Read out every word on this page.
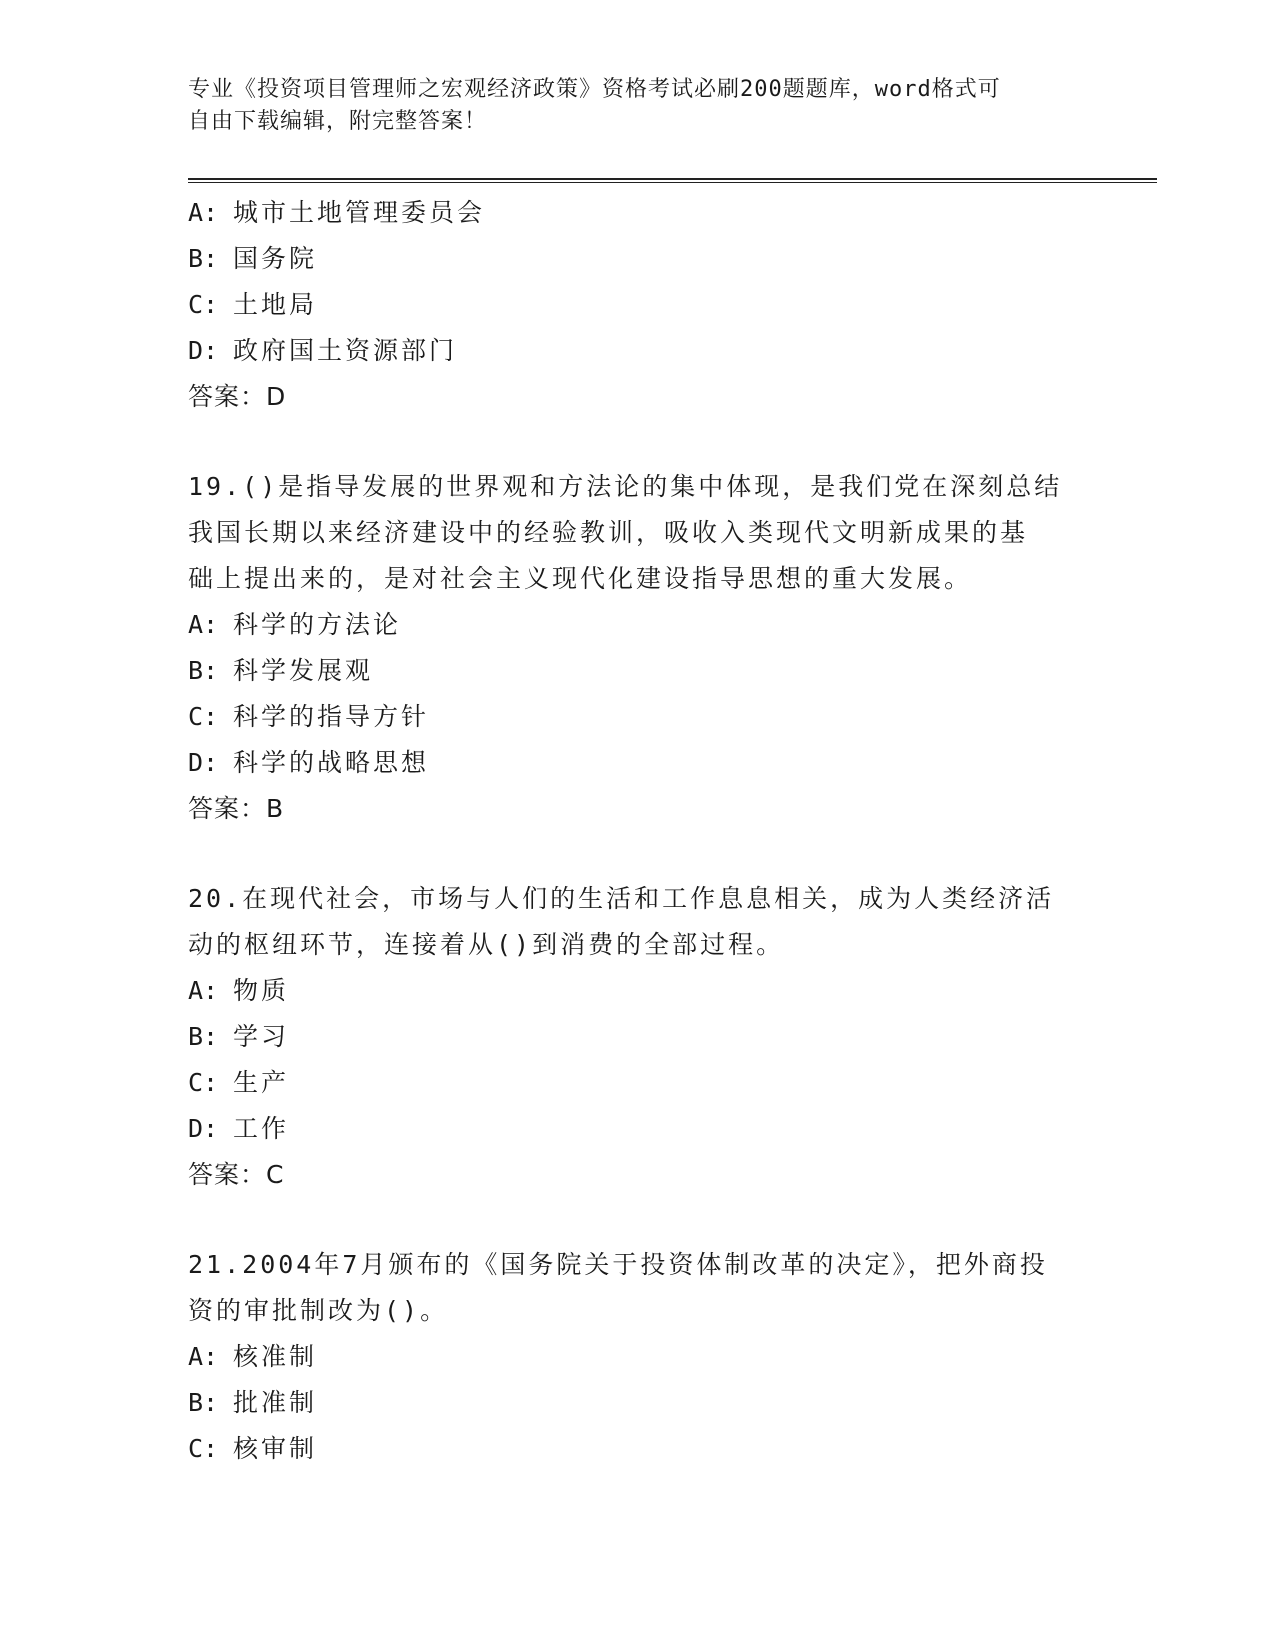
专业《投资项目管理师之宏观经济政策》资格考试必刷200题题库，word格式可
自由下载编辑，附完整答案！
A: 城市土地管理委员会
B: 国务院
C: 土地局
D: 政府国土资源部门
答案：D
19.()是指导发展的世界观和方法论的集中体现，是我们党在深刻总结
我国长期以来经济建设中的经验教训，吸收入类现代文明新成果的基
础上提出来的，是对社会主义现代化建设指导思想的重大发展。
A: 科学的方法论
B: 科学发展观
C: 科学的指导方针
D: 科学的战略思想
答案：B
20.在现代社会，市场与人们的生活和工作息息相关，成为人类经济活
动的枢纽环节，连接着从()到消费的全部过程。
A: 物质
B: 学习
C: 生产
D: 工作
答案：C
21.2004年7月颁布的《国务院关于投资体制改革的决定》，把外商投
资的审批制改为()。
A: 核准制
B: 批准制
C: 核审制
